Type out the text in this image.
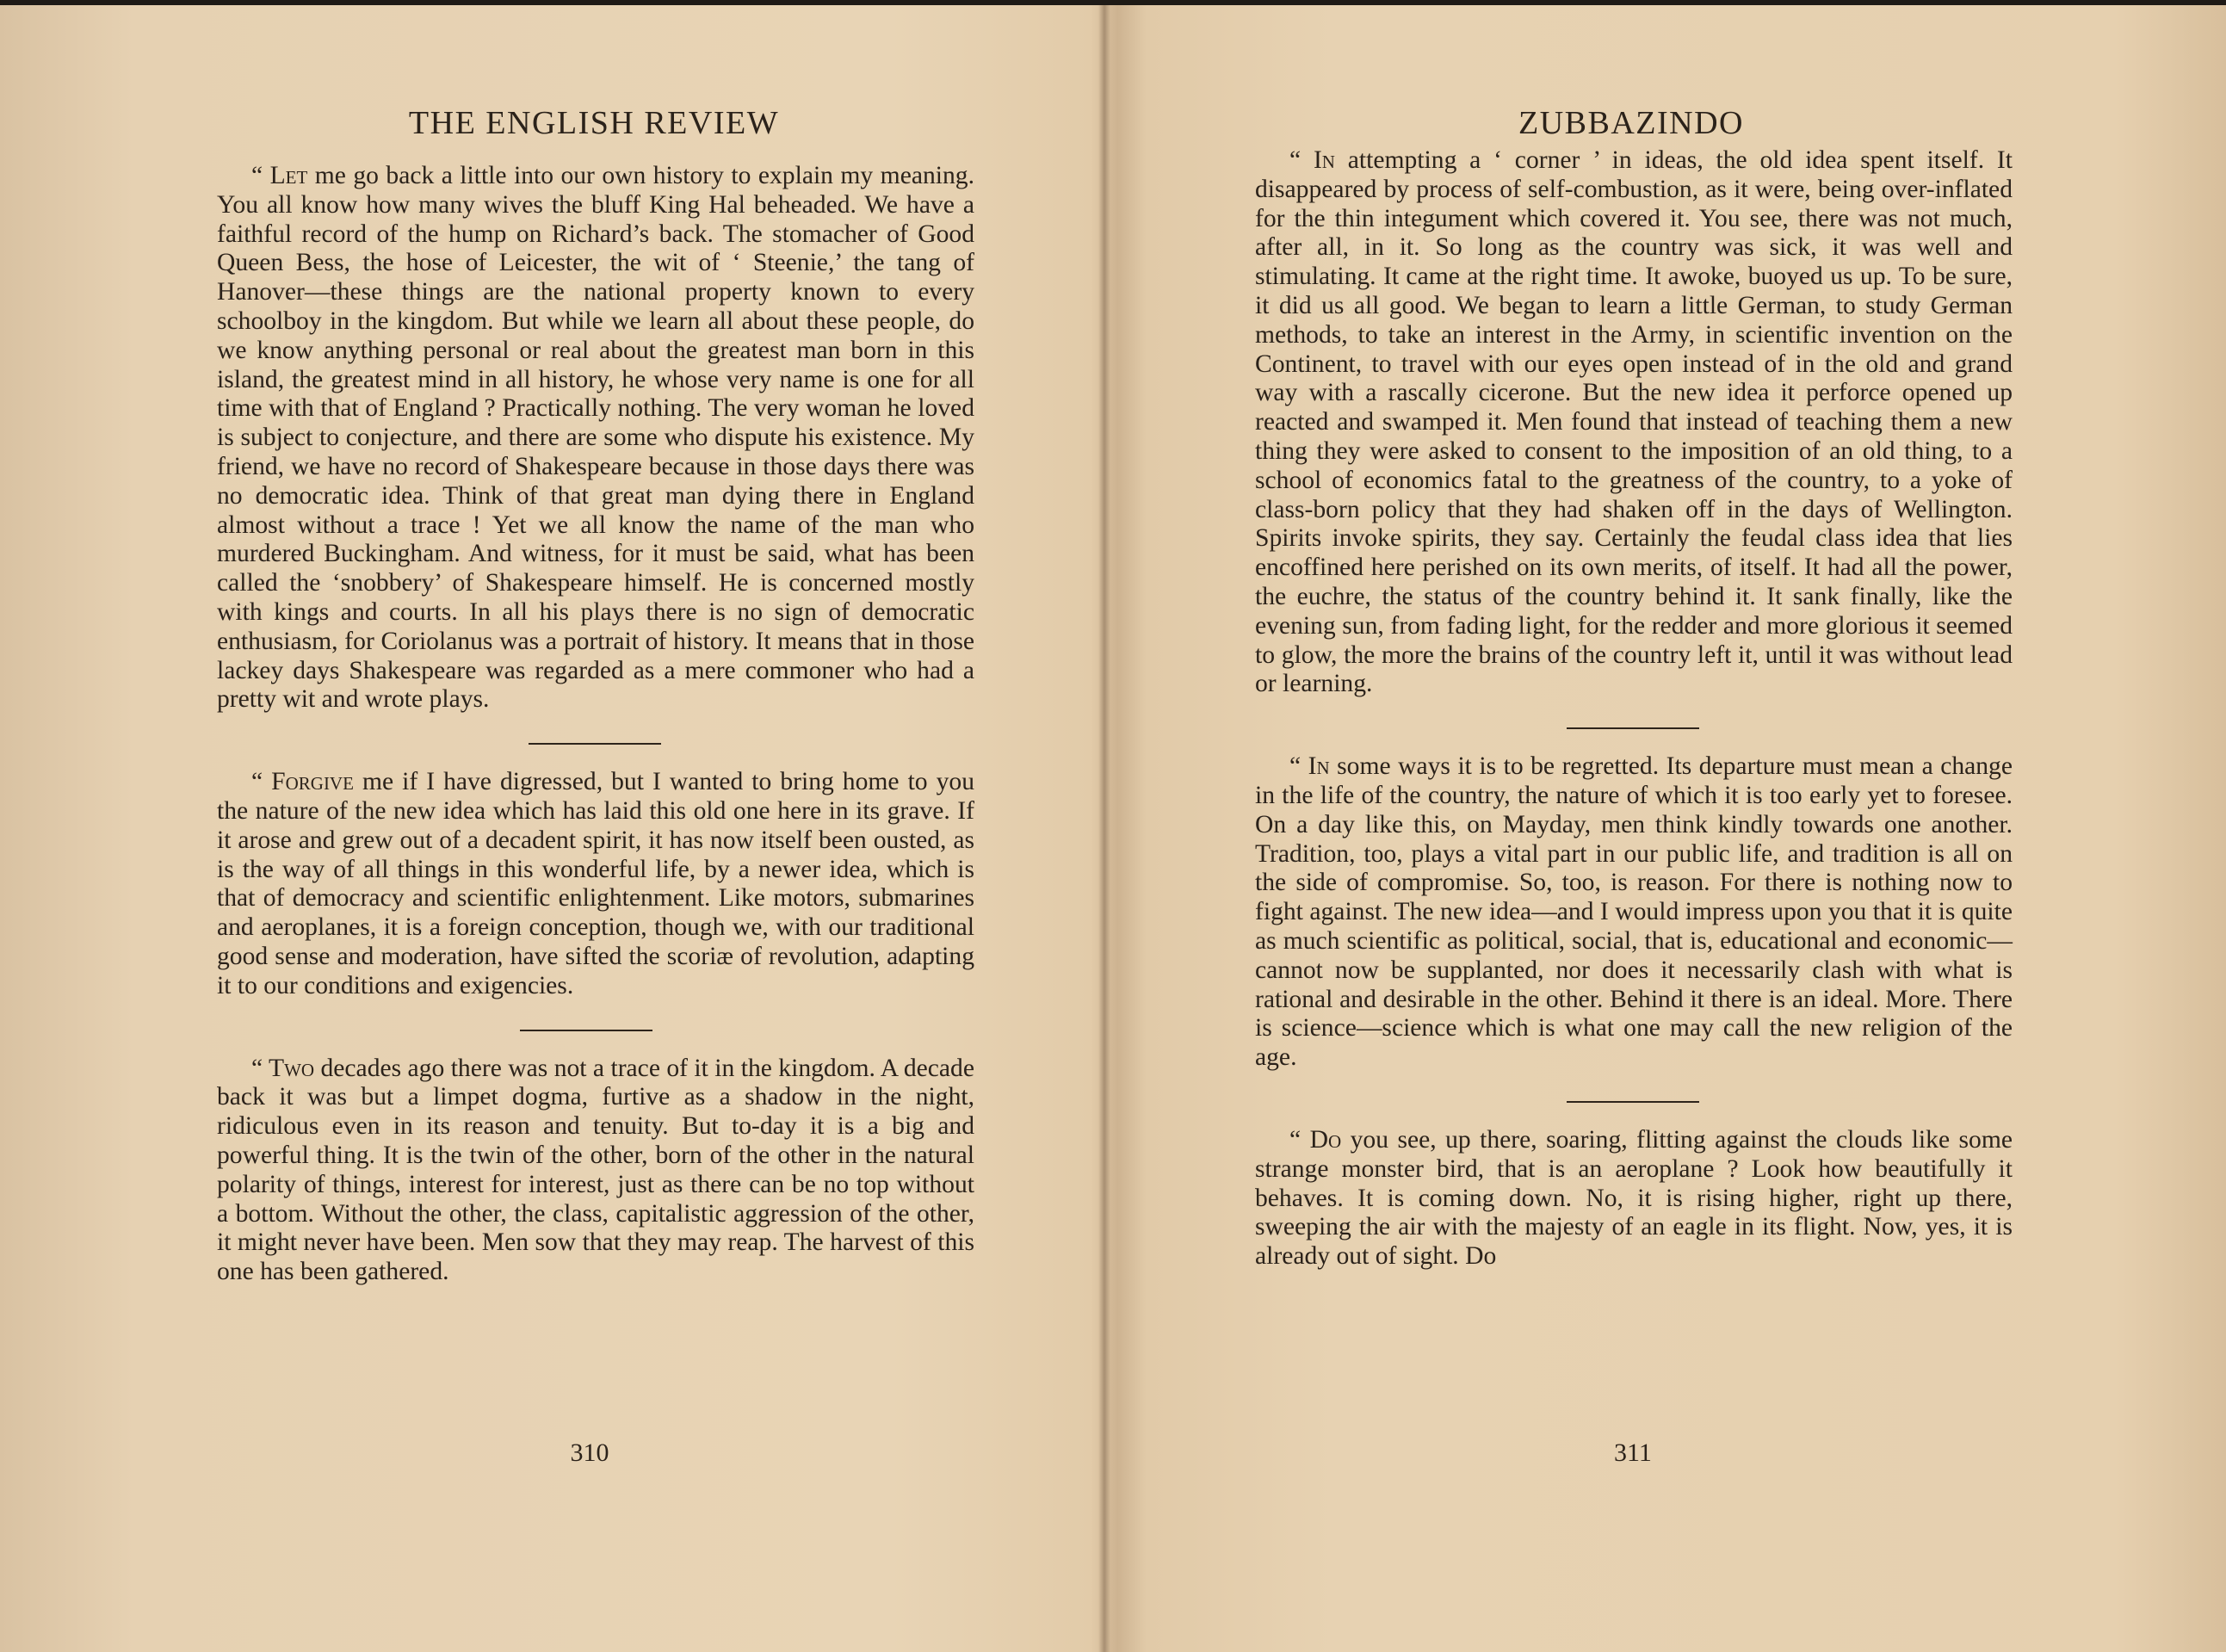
THE ENGLISH REVIEW

“ Let me go back a little into our own history to explain my meaning. You all know how many wives the bluff King Hal beheaded. We have a faithful record of the hump on Richard’s back. The stomacher of Good Queen Bess, the hose of Leicester, the wit of ‘ Steenie,’ the tang of Hanover—these things are the national property known to every schoolboy in the kingdom. But while we learn all about these people, do we know anything personal or real about the greatest man born in this island, the greatest mind in all history, he whose very name is one for all time with that of England ? Practically nothing. The very woman he loved is subject to conjecture, and there are some who dispute his existence. My friend, we have no record of Shakespeare because in those days there was no democratic idea. Think of that great man dying there in England almost without a trace ! Yet we all know the name of the man who murdered Buckingham. And witness, for it must be said, what has been called the ‘snobbery’ of Shakespeare himself. He is concerned mostly with kings and courts. In all his plays there is no sign of democratic enthusiasm, for Coriolanus was a portrait of history. It means that in those lackey days Shakespeare was regarded as a mere commoner who had a pretty wit and wrote plays.

“ Forgive me if I have digressed, but I wanted to bring home to you the nature of the new idea which has laid this old one here in its grave. If it arose and grew out of a decadent spirit, it has now itself been ousted, as is the way of all things in this wonderful life, by a newer idea, which is that of democracy and scientific enlightenment. Like motors, submarines and aeroplanes, it is a foreign conception, though we, with our traditional good sense and moderation, have sifted the scoriæ of revolution, adapting it to our conditions and exigencies.

“ Two decades ago there was not a trace of it in the kingdom. A decade back it was but a limpet dogma, furtive as a shadow in the night, ridiculous even in its reason and tenuity. But to-day it is a big and powerful thing. It is the twin of the other, born of the other in the natural polarity of things, interest for interest, just as there can be no top without a bottom. Without the other, the class, capitalistic aggression of the other, it might never have been. Men sow that they may reap. The harvest of this one has been gathered.

310

ZUBBAZINDO

“ In attempting a ‘ corner ’ in ideas, the old idea spent itself. It disappeared by process of self-combustion, as it were, being over-inflated for the thin integument which covered it. You see, there was not much, after all, in it. So long as the country was sick, it was well and stimulating. It came at the right time. It awoke, buoyed us up. To be sure, it did us all good. We began to learn a little German, to study German methods, to take an interest in the Army, in scientific invention on the Continent, to travel with our eyes open instead of in the old and grand way with a rascally cicerone. But the new idea it perforce opened up reacted and swamped it. Men found that instead of teaching them a new thing they were asked to consent to the imposition of an old thing, to a school of economics fatal to the greatness of the country, to a yoke of class-born policy that they had shaken off in the days of Wellington. Spirits invoke spirits, they say. Certainly the feudal class idea that lies encoffined here perished on its own merits, of itself. It had all the power, the euchre, the status of the country behind it. It sank finally, like the evening sun, from fading light, for the redder and more glorious it seemed to glow, the more the brains of the country left it, until it was without lead or learning.

“ In some ways it is to be regretted. Its departure must mean a change in the life of the country, the nature of which it is too early yet to foresee. On a day like this, on Mayday, men think kindly towards one another. Tradition, too, plays a vital part in our public life, and tradition is all on the side of compromise. So, too, is reason. For there is nothing now to fight against. The new idea—and I would impress upon you that it is quite as much scientific as political, social, that is, educational and economic—cannot now be supplanted, nor does it necessarily clash with what is rational and desirable in the other. Behind it there is an ideal. More. There is science—science which is what one may call the new religion of the age.

“ Do you see, up there, soaring, flitting against the clouds like some strange monster bird, that is an aeroplane ? Look how beautifully it behaves. It is coming down. No, it is rising higher, right up there, sweeping the air with the majesty of an eagle in its flight. Now, yes, it is already out of sight. Do

311
